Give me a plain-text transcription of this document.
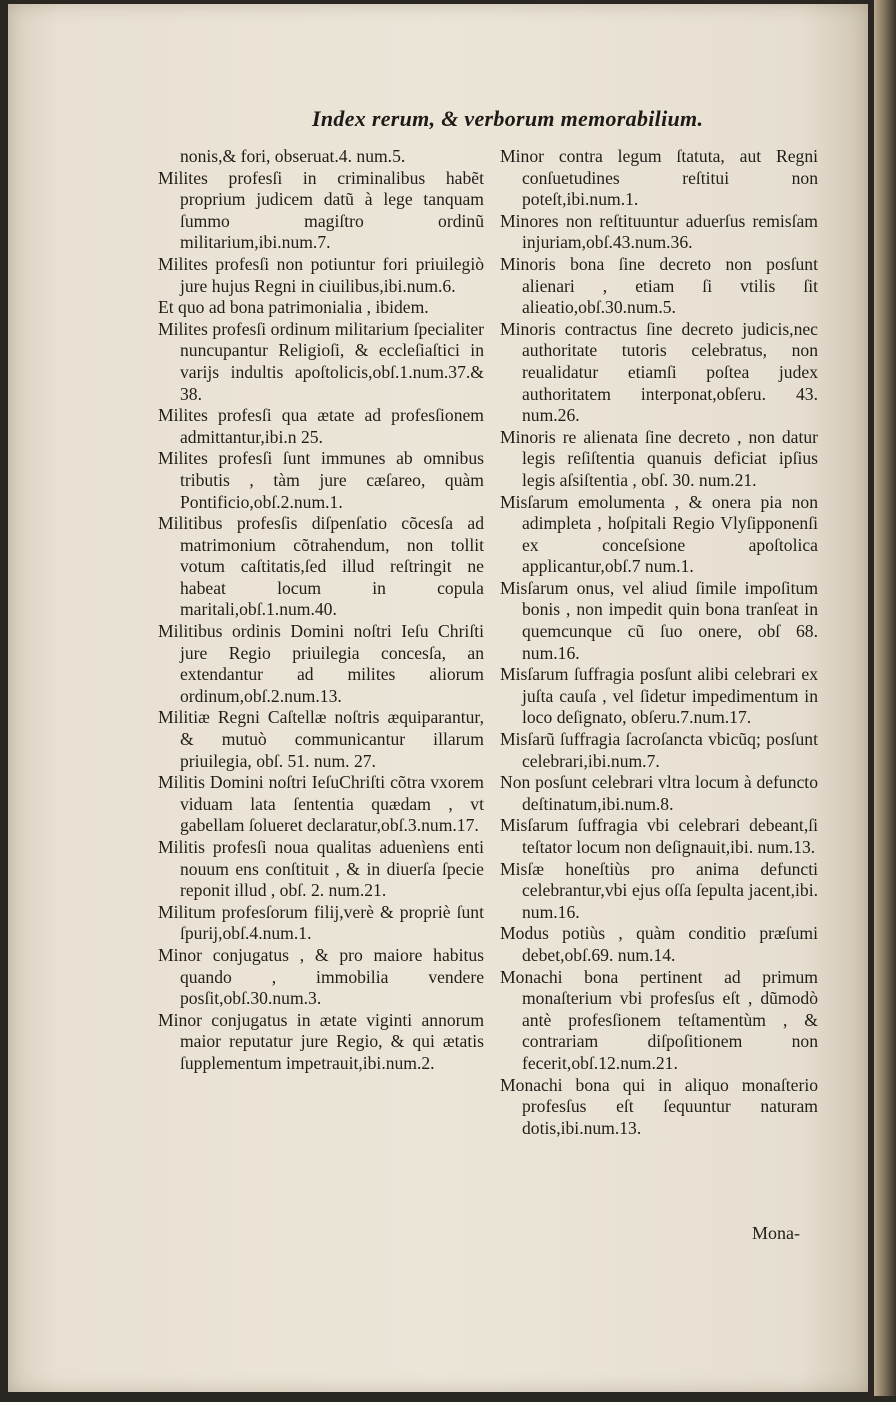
Index rerum, & verborum memorabilium.

nonis,& fori, obseruat.4. num.5.

Milites profesſi in criminalibus habẽt proprium judicem datũ à lege tanquam ſummo magiſtro ordinũ militarium,ibi.num.7.

Milites profesſi non potiuntur fori priuilegiò jure hujus Regni in ciuilibus,ibi.num.6.

Et quo ad bona patrimonialia , ibidem.

Milites profesſi ordinum militarium ſpecialiter nuncupantur Religioſi, & eccleſiaſtici in varijs indultis apoſtolicis,obſ.1.num.37.& 38.

Milites profesſi qua ætate ad profesſionem admittantur,ibi.n 25.

Milites profesſi ſunt immunes ab omnibus tributis , tàm jure cæſareo, quàm Pontificio,obſ.2.num.1.

Militibus profesſis diſpenſatio cõcesſa ad matrimonium cõtrahendum, non tollit votum caſtitatis,ſed illud reſtringit ne habeat locum in copula maritali,obſ.1.num.40.

Militibus ordinis Domini noſtri Ieſu Chriſti jure Regio priuilegia concesſa, an extendantur ad milites aliorum ordinum,obſ.2.num.13.

Militiæ Regni Caſtellæ noſtris æquiparantur, & mutuò communicantur illarum priuilegia, obſ. 51. num. 27.

Militis Domini noſtri IeſuChriſti cõtra vxorem viduam lata ſententia quædam , vt gabellam ſolueret declaratur,obſ.3.num.17.

Militis profesſi noua qualitas aduenìens enti nouum ens conſtituit , & in diuerſa ſpecie reponit illud , obſ. 2. num.21.

Militum profesſorum filij,verè & propriè ſunt ſpurij,obſ.4.num.1.

Minor conjugatus , & pro maiore habitus quando , immobilia vendere posſit,obſ.30.num.3.

Minor conjugatus in ætate viginti annorum maior reputatur jure Regio, & qui ætatis ſupplementum impetrauit,ibi.num.2.

Minor contra legum ſtatuta, aut Regni conſuetudines reſtitui non poteſt,ibi.num.1.

Minores non reſtituuntur aduerſus remisſam injuriam,obſ.43.num.36.

Minoris bona ſine decreto non posſunt alienari , etiam ſi vtilis ſit alieatio,obſ.30.num.5.

Minoris contractus ſine decreto judicis,nec authoritate tutoris celebratus, non reualidatur etiamſi poſtea judex authoritatem interponat,obſeru. 43. num.26.

Minoris re alienata ſine decreto , non datur legis reſiſtentia quanuis deficiat ipſius legis aſsiſtentia , obſ. 30. num.21.

Misſarum emolumenta , & onera pia non adimpleta , hoſpitali Regio Vlyſipponenſi ex conceſsione apoſtolica applicantur,obſ.7 num.1.

Misſarum onus, vel aliud ſimile impoſitum bonis , non impedit quin bona tranſeat in quemcunque cũ ſuo onere, obſ 68. num.16.

Misſarum ſuffragia posſunt alibi celebrari ex juſta cauſa , vel ſidetur impedimentum in loco deſignato, obſeru.7.num.17.

Misſarũ ſuffragia ſacroſancta vbicũq; posſunt celebrari,ibi.num.7.

Non posſunt celebrari vltra locum à defuncto deſtinatum,ibi.num.8.

Misſarum ſuffragia vbi celebrari debeant,ſi teſtator locum non deſignauit,ibi. num.13.

Misſæ honeſtiùs pro anima defuncti celebrantur,vbi ejus oſſa ſepulta jacent,ibi. num.16.

Modus potiùs , quàm conditio præſumi debet,obſ.69. num.14.

Monachi bona pertinent ad primum monaſterium vbi profesſus eſt , dũmodò antè profesſionem teſtamentùm , & contrariam diſpoſitionem non fecerit,obſ.12.num.21.

Monachi bona qui in aliquo monaſterio profesſus eſt ſequuntur naturam dotis,ibi.num.13.

Mona-
